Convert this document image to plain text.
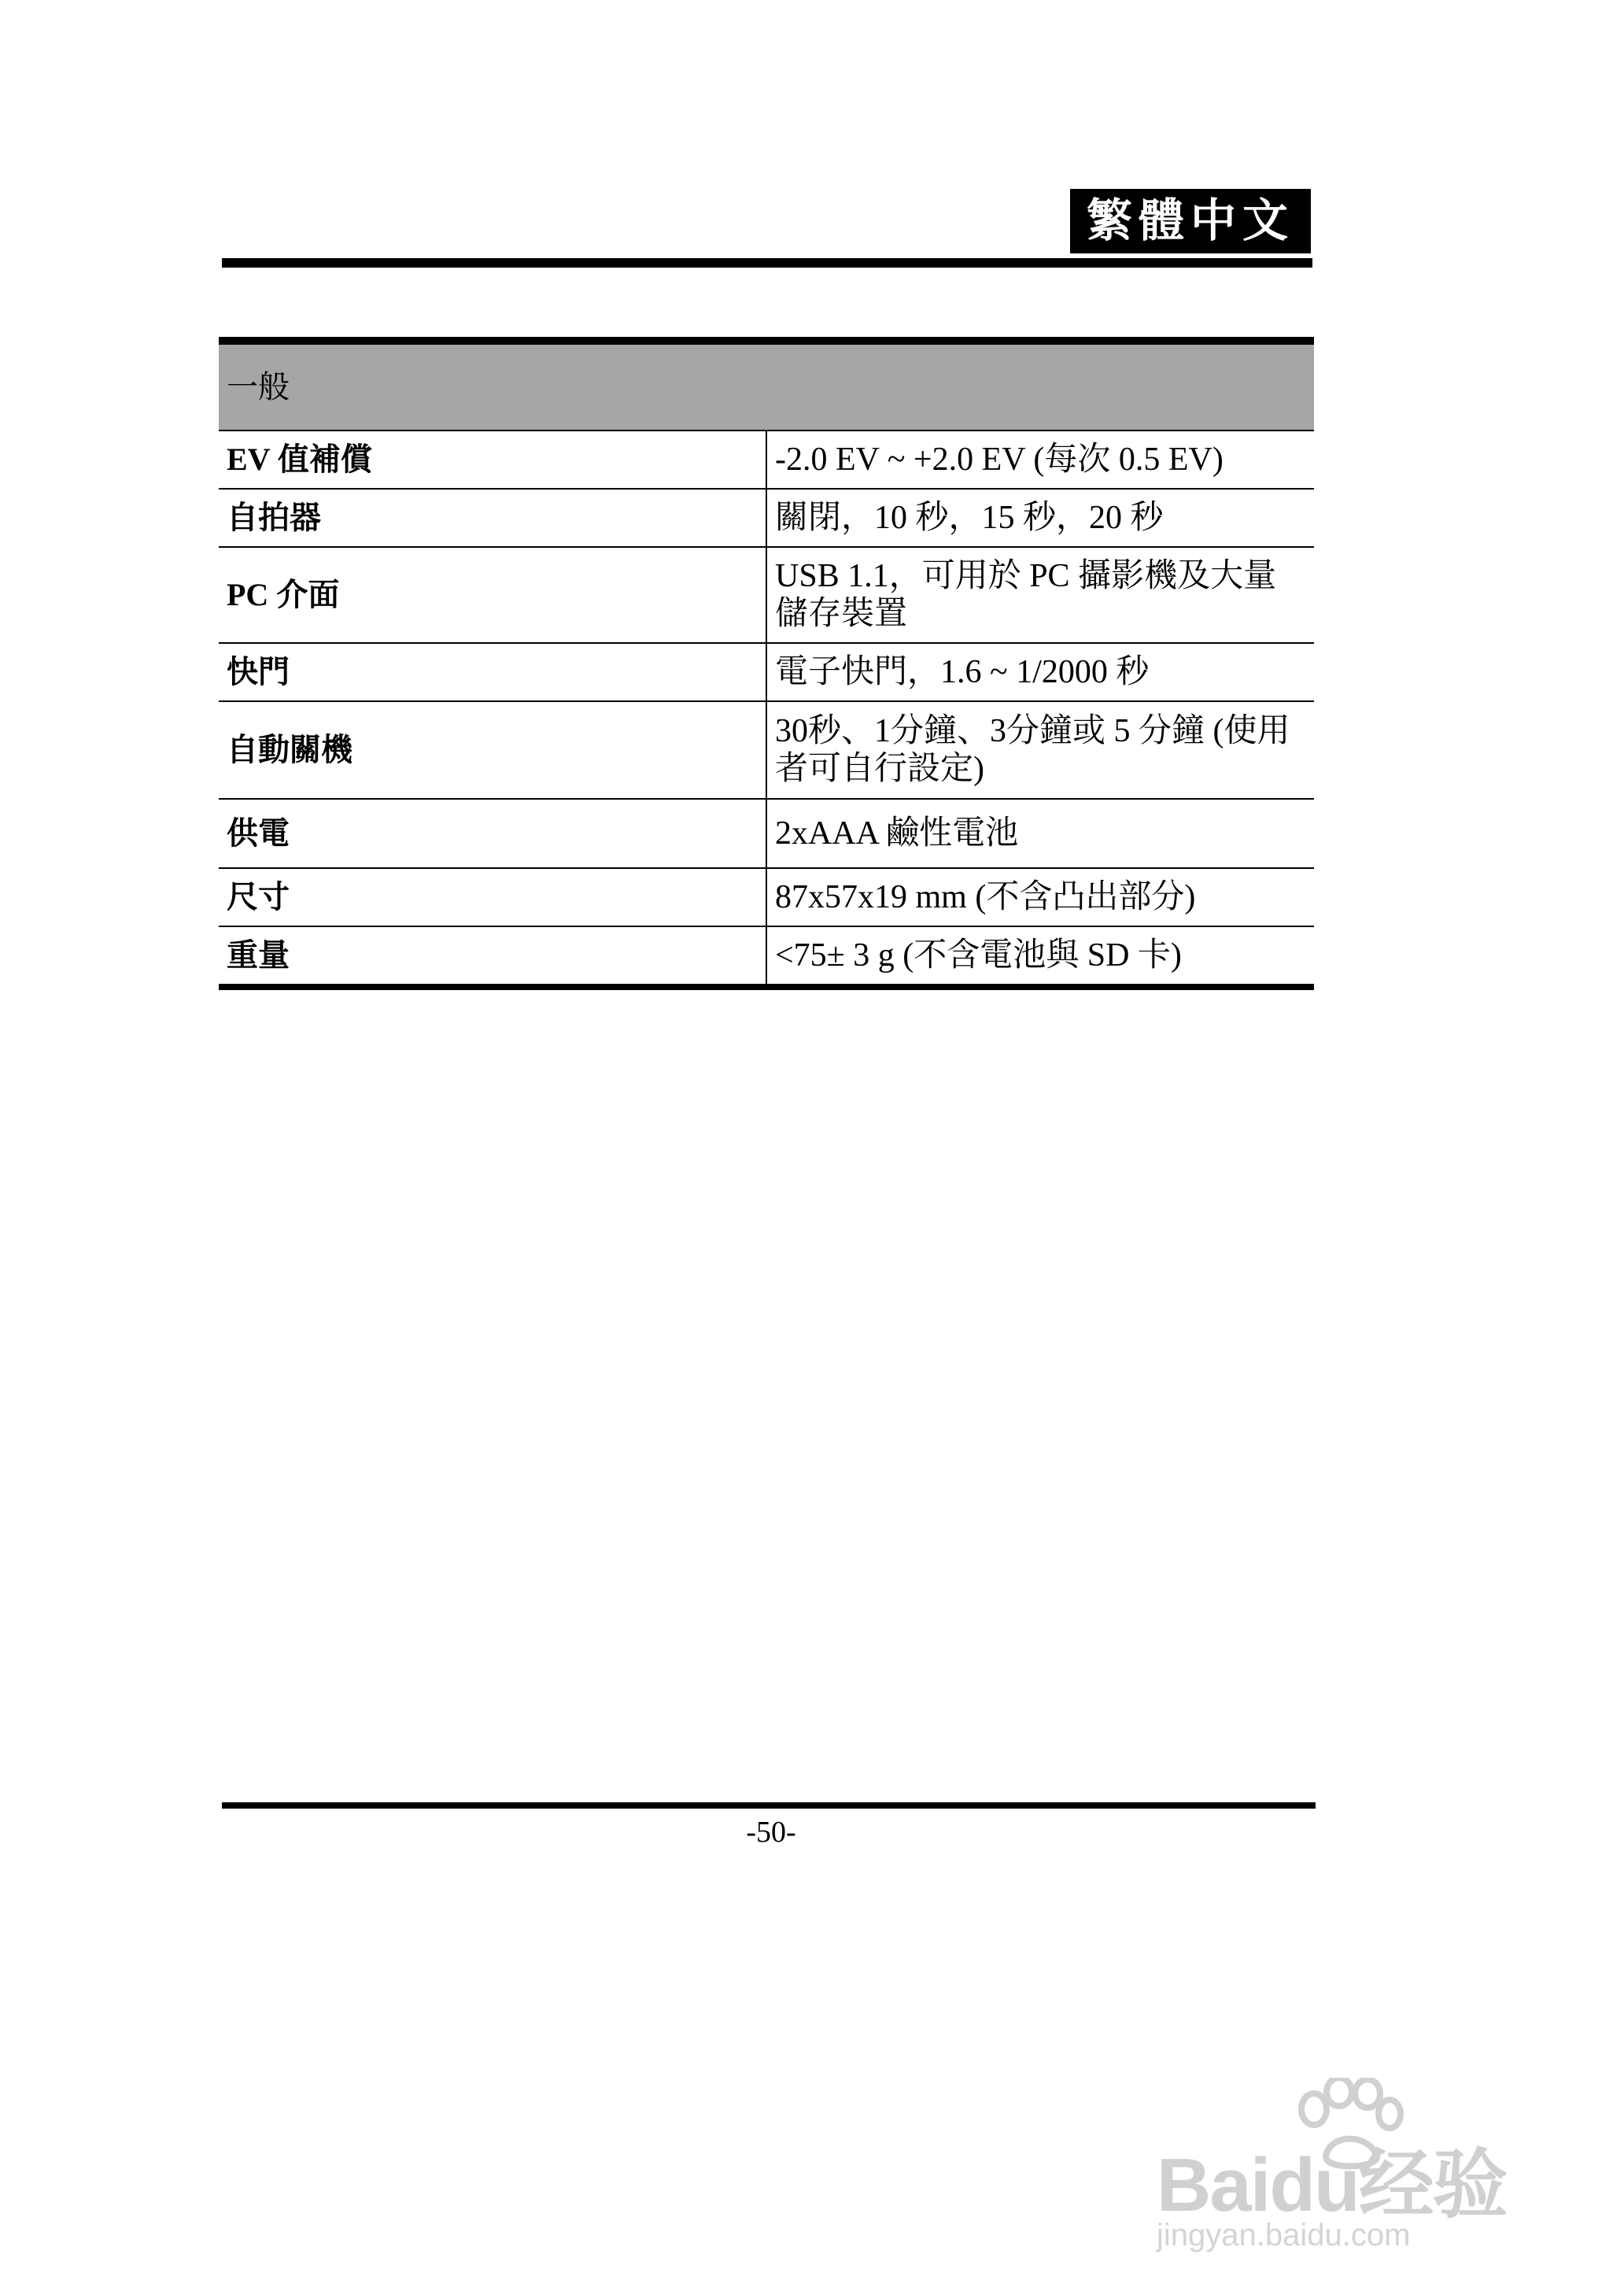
繁體中文
一般	
EV 值補償	-2.0 EV ~ +2.0 EV (每次 0.5 EV)
自拍器	關閉，10 秒，15 秒，20 秒
PC 介面	USB 1.1，可用於 PC 攝影機及大量儲存裝置
快門	電子快門，1.6 ~ 1/2000 秒
自動關機	30秒、1分鐘、3分鐘或 5 分鐘 (使用者可自行設定)
供電	2xAAA 鹼性電池
尺寸	87x57x19 mm (不含凸出部分)
重量	<75± 3 g (不含電池與 SD 卡)
-50-
Baidu经验
jingyan.baidu.com
